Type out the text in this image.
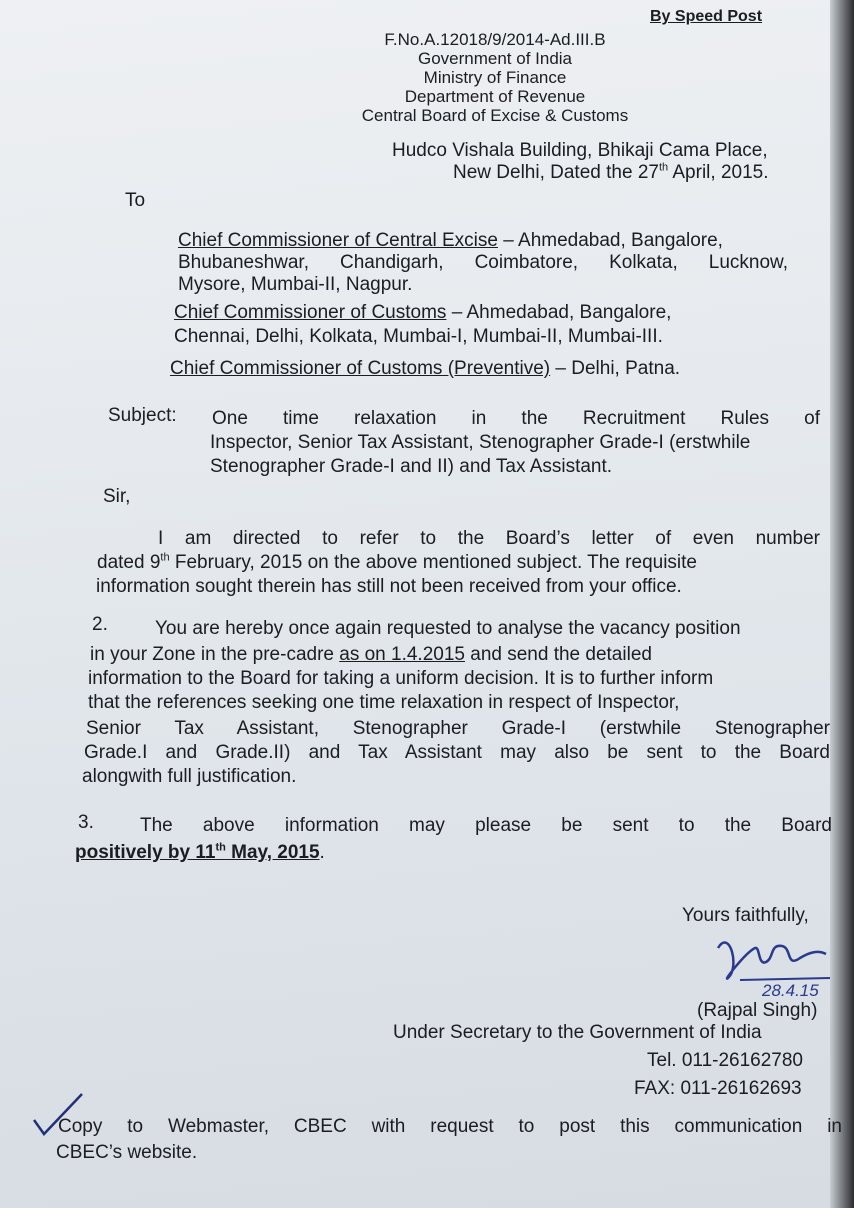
By Speed Post
F.No.A.12018/9/2014-Ad.III.B
Government of India
Ministry of Finance
Department of Revenue
Central Board of Excise & Customs
Hudco Vishala Building, Bhikaji Cama Place,
New Delhi, Dated the 27th April, 2015.
To
Chief Commissioner of Central Excise – Ahmedabad, Bangalore,
Bhubaneshwar, Chandigarh, Coimbatore, Kolkata, Lucknow,
Mysore, Mumbai-II, Nagpur.
Chief Commissioner of Customs – Ahmedabad, Bangalore,
Chennai, Delhi, Kolkata, Mumbai-I, Mumbai-II, Mumbai-III.
Chief Commissioner of Customs (Preventive) – Delhi, Patna.
Subject: One time relaxation in the Recruitment Rules of
Inspector, Senior Tax Assistant, Stenographer Grade-I (erstwhile
Stenographer Grade-I and II) and Tax Assistant.
Sir,
I am directed to refer to the Board’s letter of even number
dated 9th February, 2015 on the above mentioned subject. The requisite
information sought therein has still not been received from your office.
2. You are hereby once again requested to analyse the vacancy position
in your Zone in the pre-cadre as on 1.4.2015 and send the detailed
information to the Board for taking a uniform decision. It is to further inform
that the references seeking one time relaxation in respect of Inspector,
Senior Tax Assistant, Stenographer Grade-I (erstwhile Stenographer
Grade.I and Grade.II) and Tax Assistant may also be sent to the Board
alongwith full justification.
3. The above information may please be sent to the Board
positively by 11th May, 2015.
Yours faithfully,
28.4.15
(Rajpal Singh)
Under Secretary to the Government of India
Tel. 011-26162780
FAX: 011-26162693
Copy to Webmaster, CBEC with request to post this communication in
CBEC’s website.
